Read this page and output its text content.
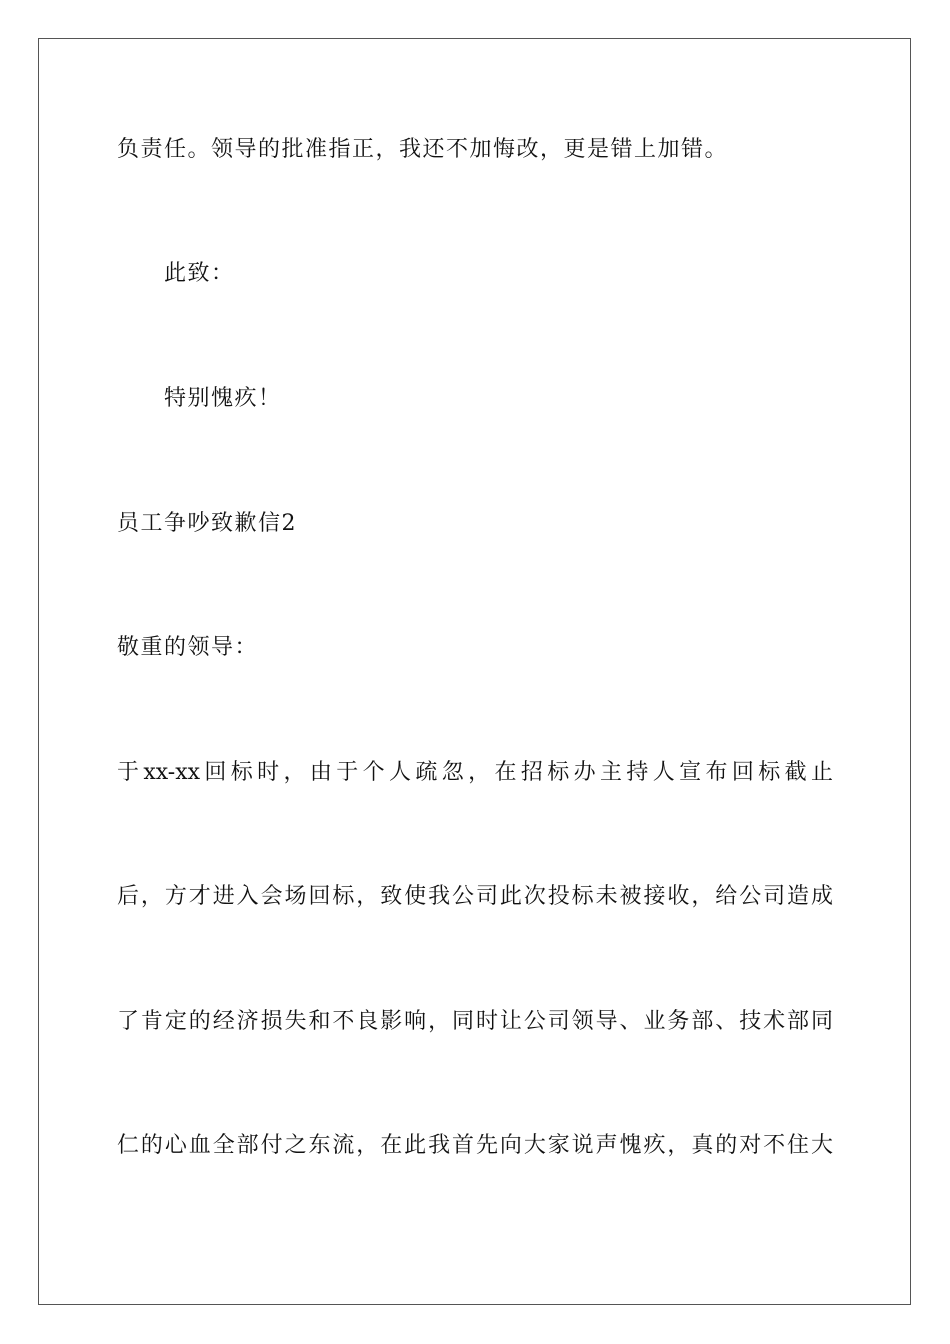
负责任。领导的批准指正，我还不加悔改，更是错上加错。
此致：
特别愧疚！
员工争吵致歉信2
敬重的领导：
于xx-xx回标时，由于个人疏忽，在招标办主持人宣布回标截止
后，方才进入会场回标，致使我公司此次投标未被接收，给公司造成
了肯定的经济损失和不良影响，同时让公司领导、业务部、技术部同
仁的心血全部付之东流，在此我首先向大家说声愧疚，真的对不住大
